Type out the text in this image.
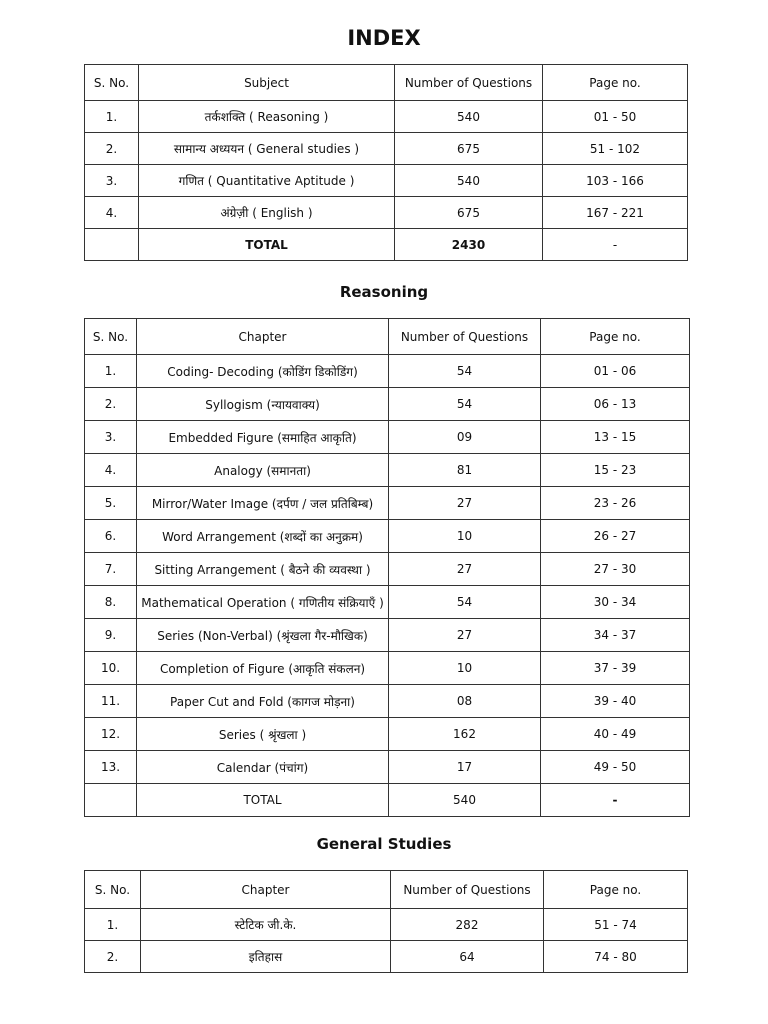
INDEX
S. No.	Subject	Number of Questions	Page no.
1.	तर्कशक्ति ( Reasoning )	540	01 - 50
2.	सामान्य अध्ययन ( General studies )	675	51 - 102
3.	गणित ( Quantitative Aptitude )	540	103 - 166
4.	अंग्रेज़ी ( English )	675	167 - 221
	TOTAL	2430	-
Reasoning
S. No.	Chapter	Number of Questions	Page no.
1.	Coding- Decoding (कोडिंग डिकोडिंग)	54	01 - 06
2.	Syllogism (न्यायवाक्य)	54	06 - 13
3.	Embedded Figure (समाहित आकृति)	09	13 - 15
4.	Analogy (समानता)	81	15 - 23
5.	Mirror/Water Image (दर्पण / जल प्रतिबिम्ब)	27	23 - 26
6.	Word Arrangement (शब्दों का अनुक्रम)	10	26 - 27
7.	Sitting Arrangement ( बैठने की व्यवस्था )	27	27 - 30
8.	Mathematical Operation ( गणितीय संक्रियाएँ )	54	30 - 34
9.	Series (Non-Verbal) (श्रृंखला गैर-मौखिक)	27	34 - 37
10.	Completion of Figure (आकृति संकलन)	10	37 - 39
11.	Paper Cut and Fold (कागज मोड़ना)	08	39 - 40
12.	Series ( श्रृंखला )	162	40 - 49
13.	Calendar (पंचांग)	17	49 - 50
	TOTAL	540	-
General Studies
S. No.	Chapter	Number of Questions	Page no.
1.	स्टेटिक जी.के.	282	51 - 74
2.	इतिहास	64	74 - 80
